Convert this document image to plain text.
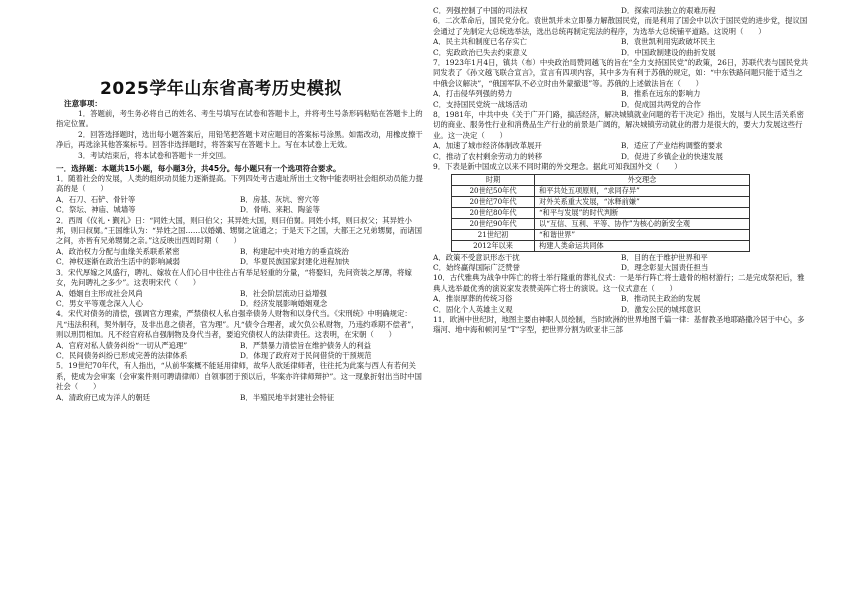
2025学年山东省高考历史模拟
注意事项：

1．答题前，考生务必将自己的姓名、考生号填写在试卷和答题卡上，并将考生号条形码粘贴在答题卡上的指定位置。

2．回答选择题时，选出每小题答案后，用铅笔把答题卡对应题目的答案标号涂黑。如需改动，用橡皮擦干净后，再选涂其他答案标号。回答非选择题时，将答案写在答题卡上。写在本试卷上无效。

3．考试结束后，将本试卷和答题卡一并交回。

一．选择题：本题共15小题，每小题3分，共45分。每小题只有一个选项符合要求。

1．随着社会的发展，人类的组织动员能力逐渐提高。下列四处考古遗址所出土文物中能表明社会组织动员能力提高的是（　　）

A．石刀、石铲、骨针等	B．房基、灰坑、窖穴等
C．祭坛、神庙、城墙等	D．骨哨、来耜、陶釜等

2．西周《仪礼・觐礼》日：“同姓大国，则曰伯父；其异姓大国，则曰伯舅。同姓小邦，则曰叔父；其异姓小邦，则曰叔舅。”王国维认为：“异姓之国……以婚媾、甥舅之谊通之；于是天下之国，大都王之兄弟甥舅，而诸国之间，亦皆有兄弟甥舅之亲。”这反映出西周时期（　　）

A．政治权力分配与血缘关系联系紧密	B．构建起中央对地方的垂直统治
C．神权逐渐在政治生活中的影响减弱	D．华夏民族国家封建化进程加快

3．宋代厚嫁之风盛行，聘礼、嫁妆在人们心目中往往占有举足轻重的分量，“将娶妇，先问资装之厚薄，将嫁女，先问聘礼之多少”。这表明宋代（　　）

A．婚姻自主形成社会风尚	B．社会阶层流动日益增强
C．男女平等观念深入人心	D．经济发展影响婚姻观念

4．宋代对债务的清偿，强调官方理索，严禁债权人私自强牵债务人财物和以身代当。《宋刑统》中明确规定：凡“违法积利，契外制夺，及非出息之债者，官为理”。凡“债令合理者，或欠负公私财物，乃违约乖期不偿者”，则以刑罚相加。凡不经官府私自强制物及身代当者，要追究债权人的法律责任。这表明，在宋朝（　　）

A．官府对私人债务纠纷“一切从严追理”	B．严禁暴力清偿旨在维护债务人的利益
C．民间债务纠纷已形成完善的法律体系	D．体现了政府对于民间借贷的干预规范

5．19世纪70年代，有人指出，“从前华案概不能延用律师，故华人欲延律师者，往往托为此案与西人有若何关系，使成为会审案（会审案件则可聘请律师）自领事团于预以后，华案亦许律师辩护”。这一现象折射出当时中国社会（　　）

A．清政府已成为洋人的朝廷	B．半殖民地半封建社会特征
C．列强控制了中国的司法权	D．探索司法独立的艰难历程

6．二次革命后，国民党分化。袁世凯并未立即暴力解散国民党，而是利用了国会中以次于国民党的进步党，提议国会通过了先制定大总统选举法，选出总统再制定宪法的程序，为选举大总统铺平道路。这说明（　　）

A．民主共和制度已名存实亡	B．袁世凯利用宪政破坏民主
C．宪政政治已失去约束意义	D．中国政制建设的曲折发展

7．1923年1月4日，镇共（布）中央政治局赞同越飞的旨在“全力支持国民党”的政策，26日，苏联代表与国民党共同发表了《孙文越飞联合宣言》，宣言有四项内容，其中多为有利于苏俄的规定，如：“中东铁路问题只能于适当之中俄会议解决”，“俄国军队不必立时由外蒙撤退”等。苏俄的上述做法旨在（　　）

A．打击侵华列强的势力	B．推系在远东的影响力
C．支持国民党统一战场活动	D．促成国共两党的合作

8．1981年，中共中央《关于广开门路，搞活经济，解决城镇就业问题的若干决定》指出，发展与人民生活关系密切的商业、服务性行业和消费品生产行业的前景是广阔的，解决城镇劳动就业的潜力是很大的，要大力发展这些行业。这一决定（　　）

A．加速了城市经济体制改革展开	B．适应了产业结构调整的要求
C．推动了农村剩余劳动力的转移	D．促进了乡镇企业的快速发展

9．下表是新中国成立以来不同时期的外交理念。据此可知我国外交（　　）

时期	外交理念
20世纪50年代	和平共处五项原则，“求同存异”
20世纪70年代	对外关系重大发展，“冰释前嫌”
20世纪80年代	“和平与发展”的时代判断
20世纪90年代	以“互信、互利、平等、协作”为核心的新安全观
21世纪初	“和谐世界”
2012年以来	构建人类命运共同体
A．政策不受意识形态干扰	B．目的在于维护世界和平
C．始终赢得国际广泛赞誉	D．理念彰显大国责任担当

10．古代雅典为战争中阵亡的将士举行隆重的葬礼仪式：一是举行阵亡将士遗骨的棺材游行；二是完成祭祀后，雅典人选举最优秀的演说家发表赞美阵亡将士的演说。这一仪式意在（　　）

A．推崇厚葬的传统习俗	B．推动民主政治的发展
C．固化个人英雄主义观	D．激发公民的城邦意识

11．欧洲中世纪时，地图主要由神职人员绘制，当时欧洲的世界地图千篇一律：基督教圣地耶路撒冷居于中心，多瑙河、地中海和顿河呈“T”字型，把世界分割为欧亚非三部
